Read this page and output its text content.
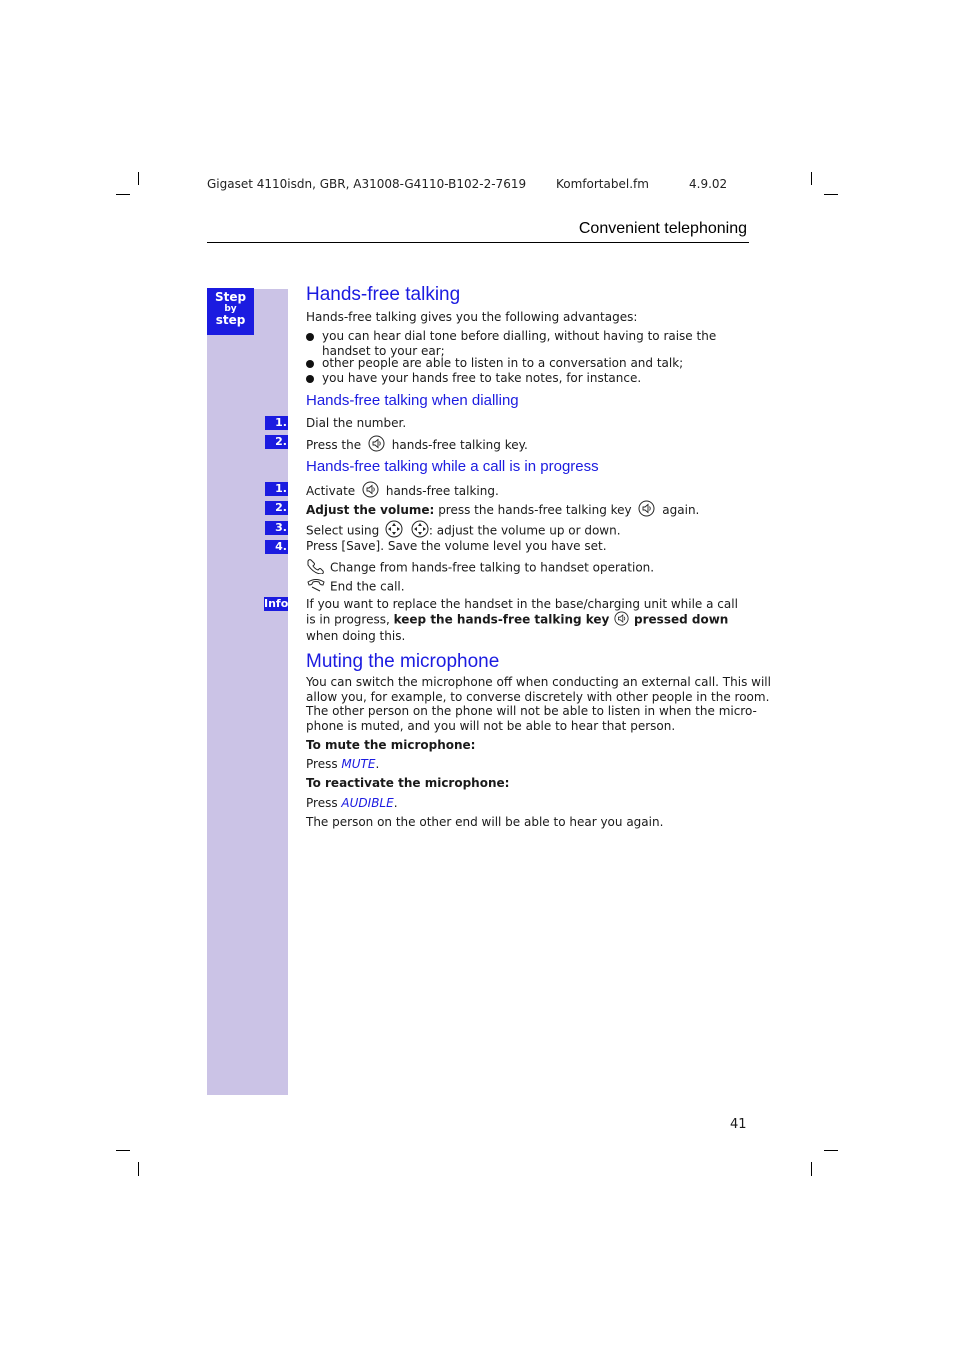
Gigaset 4110isdn, GBR, A31008-G4110-B102-2-7619 Komfortabel.fm	4.9.02
Convenient telephoning
Step
by
step
Hands-free talking
Hands-free talking gives you the following advantages:
you can hear dial tone before dialling, without having to raise the handset to your ear;
other people are able to listen in to a conversation and talk;
you have your hands free to take notes, for instance.
Hands-free talking when dialling
1. Dial the number.
2. Press the	hands-free talking key.
Hands-free talking while a call is in progress
1. Activate	hands-free talking.
2. Adjust the volume: press the hands-free talking key	again.
3. Select using	: adjust the volume up or down.
4. Press [Save]. Save the volume level you have set.
Change from hands-free talking to handset operation.
End the call.
Info If you want to replace the handset in the base/charging unit while a call is in progress, keep the hands-free talking key pressed down when doing this.
Muting the microphone
You can switch the microphone off when conducting an external call. This will
allow you, for example, to converse discretely with other people in the room.
The other person on the phone will not be able to listen in when the micro-
phone is muted, and you will not be able to hear that person.
To mute the microphone:
Press MUTE.
To reactivate the microphone:
Press AUDIBLE.
The person on the other end will be able to hear you again.
41
